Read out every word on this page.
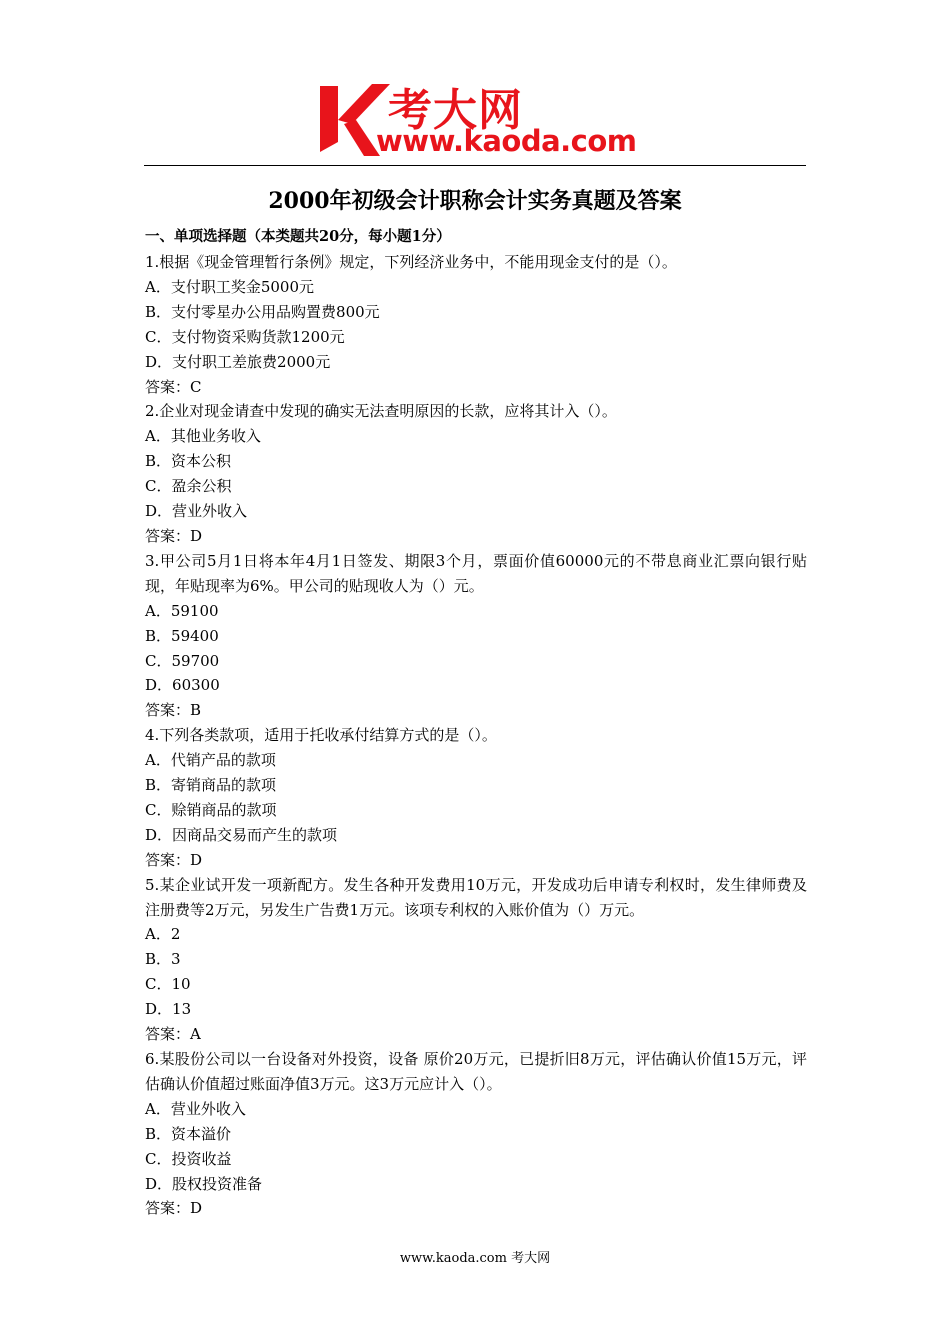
考大网
www.kaoda.com
2000年初级会计职称会计实务真题及答案
一、单项选择题（本类题共20分，每小题1分）
1.根据《现金管理暂行条例》规定，下列经济业务中，不能用现金支付的是（）。
A．支付职工奖金5000元
B．支付零星办公用品购置费800元
C．支付物资采购货款1200元
D．支付职工差旅费2000元
答案：C
2.企业对现金请查中发现的确实无法查明原因的长款，应将其计入（）。
A．其他业务收入
B．资本公积
C．盈余公积
D．营业外收入
答案：D
3.甲公司5月1日将本年4月1日签发、期限3个月，票面价值60000元的不带息商业汇票向银行贴现，年贴现率为6%。甲公司的贴现收人为（）元。
A．59100
B．59400
C．59700
D．60300
答案：B
4.下列各类款项，适用于托收承付结算方式的是（）。
A．代销产品的款项
B．寄销商品的款项
C．赊销商品的款项
D．因商品交易而产生的款项
答案：D
5.某企业试开发一项新配方。发生各种开发费用10万元，开发成功后申请专利权时，发生律师费及注册费等2万元，另发生广告费1万元。该项专利权的入账价值为（）万元。
A．2
B．3
C．10
D．13
答案：A
6.某股份公司以一台设备对外投资，设备 原价20万元，已提折旧8万元，评估确认价值15万元，评估确认价值超过账面净值3万元。这3万元应计入（）。
A．营业外收入
B．资本溢价
C．投资收益
D．股权投资准备
答案：D
www.kaoda.com 考大网
